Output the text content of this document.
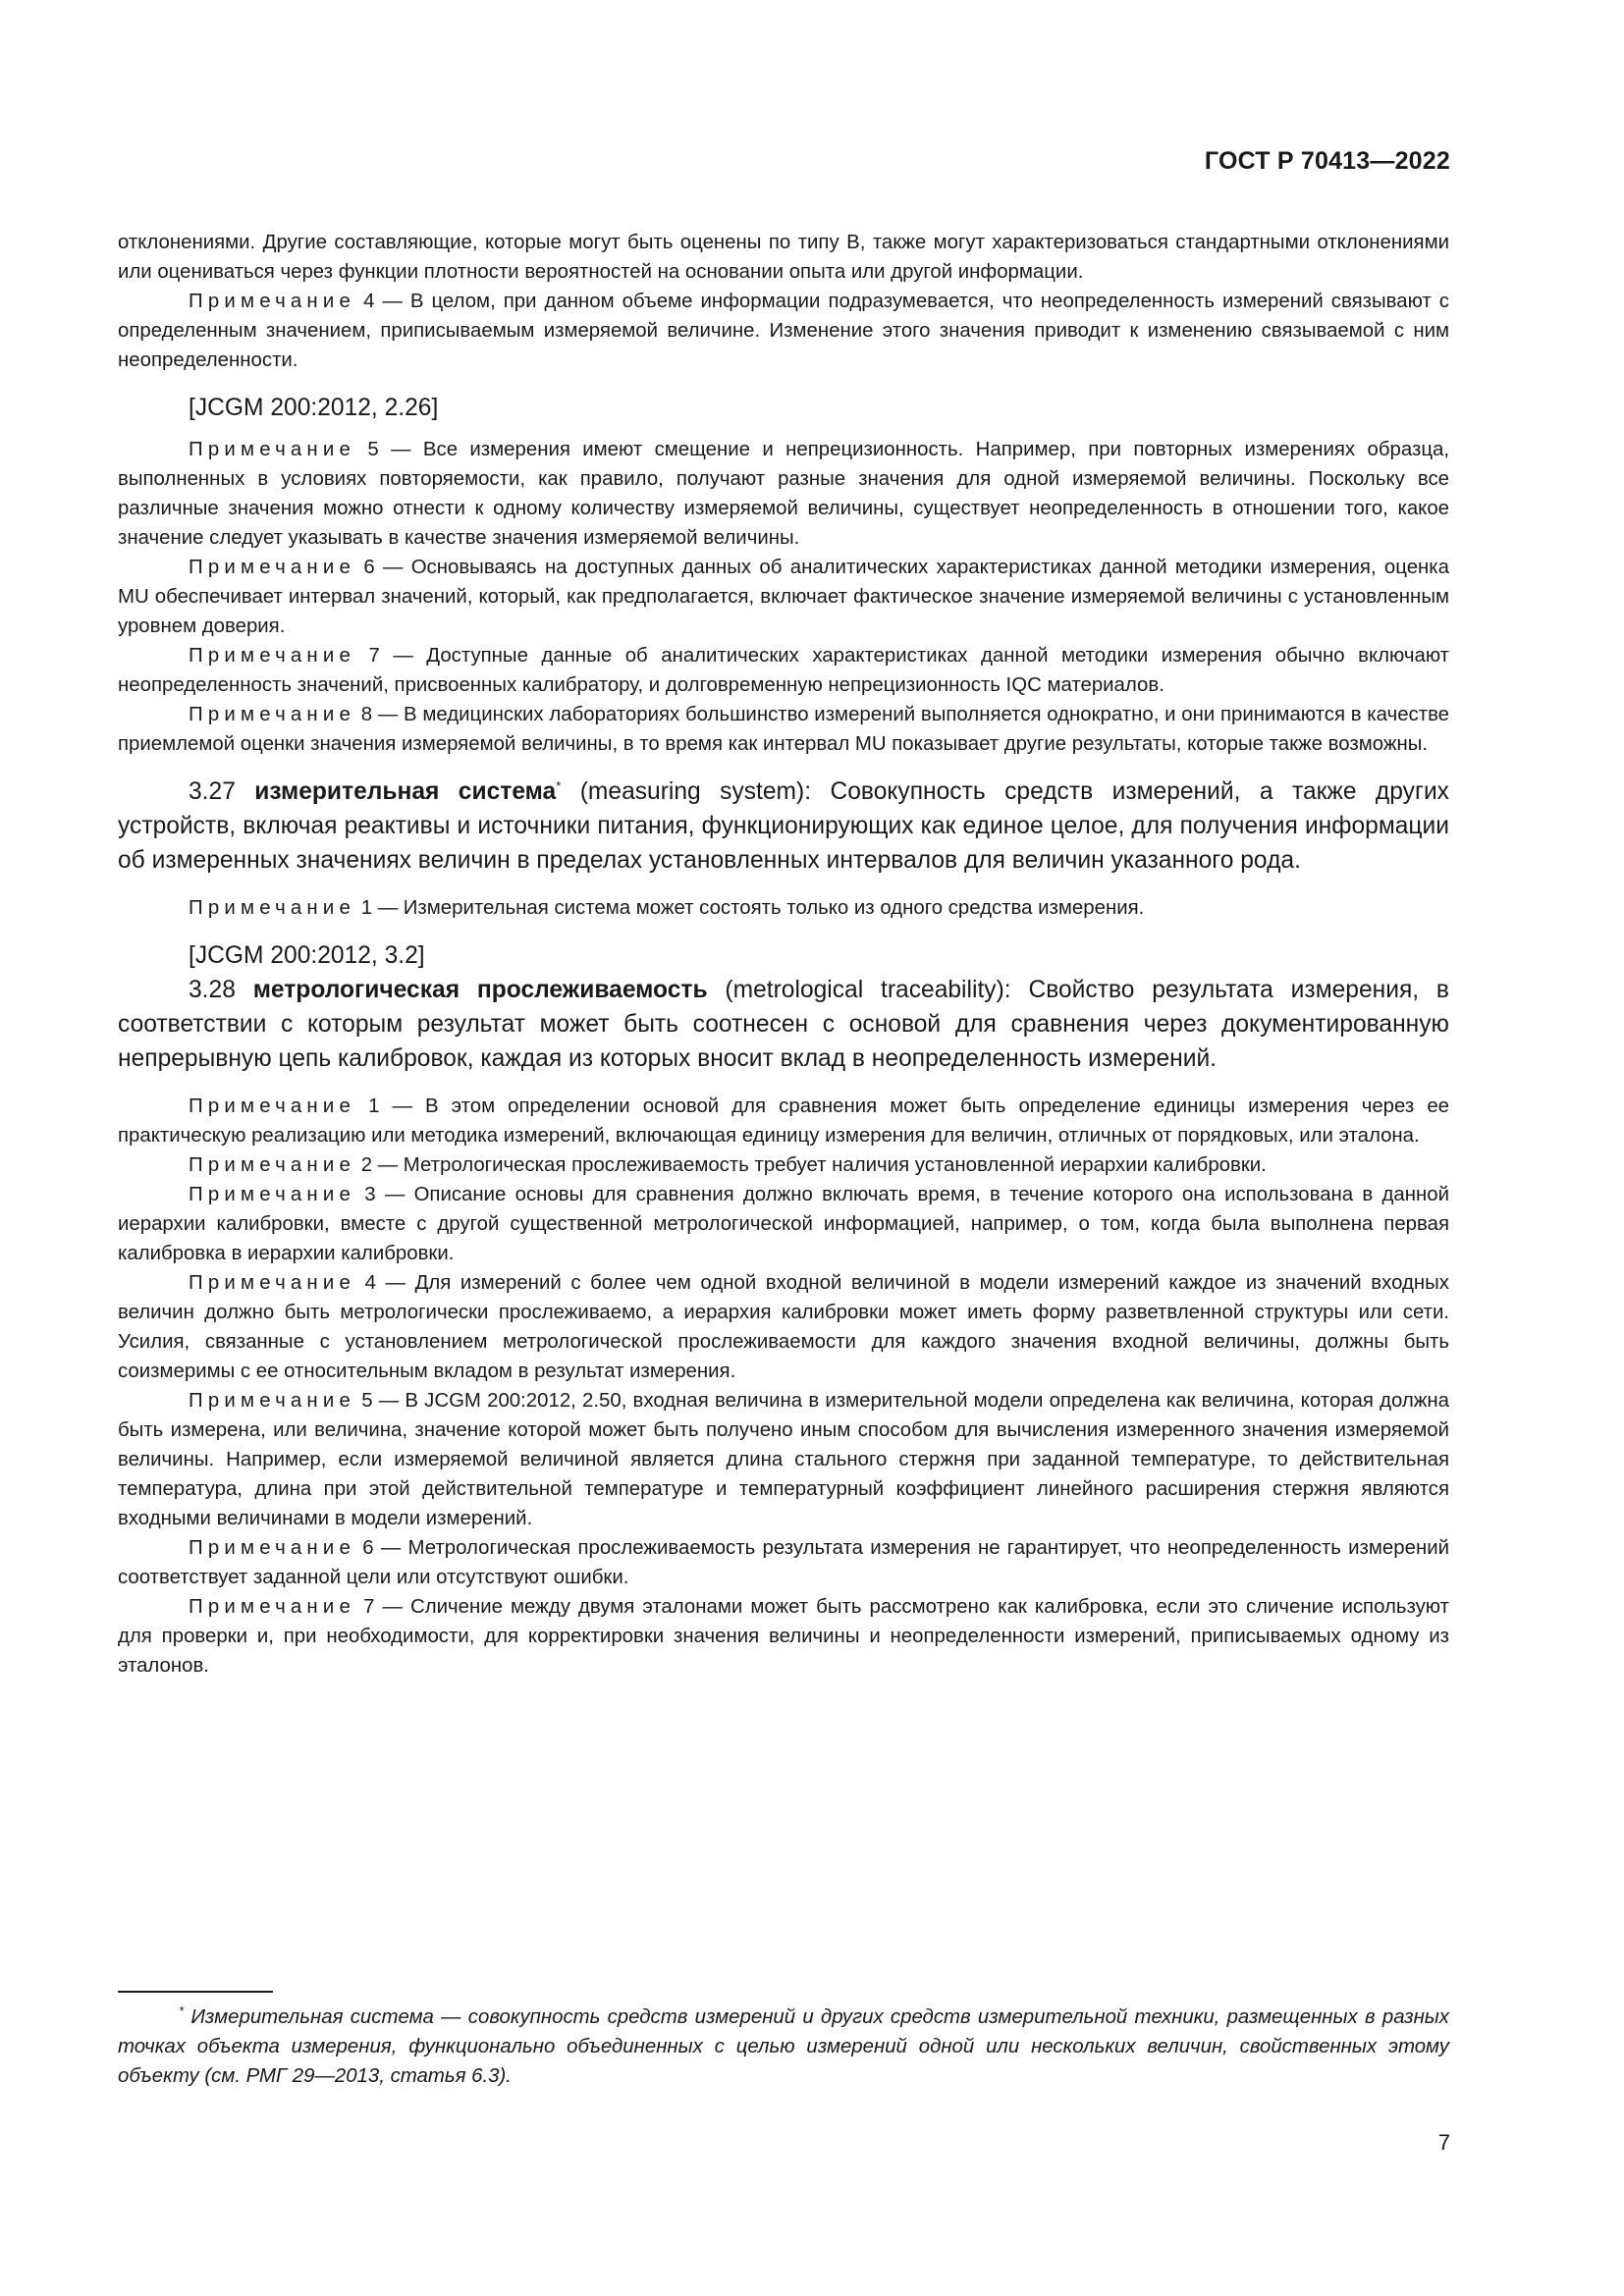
ГОСТ Р 70413—2022

отклонениями. Другие составляющие, которые могут быть оценены по типу В, также могут характеризоваться стандартными отклонениями или оцениваться через функции плотности вероятностей на основании опыта или другой информации.

Примечание 4 — В целом, при данном объеме информации подразумевается, что неопределенность измерений связывают с определенным значением, приписываемым измеряемой величине. Изменение этого значения приводит к изменению связываемой с ним неопределенности.

[JCGM 200:2012, 2.26]

Примечание 5 — Все измерения имеют смещение и непрецизионность. Например, при повторных измерениях образца, выполненных в условиях повторяемости, как правило, получают разные значения для одной измеряемой величины. Поскольку все различные значения можно отнести к одному количеству измеряемой величины, существует неопределенность в отношении того, какое значение следует указывать в качестве значения измеряемой величины.

Примечание 6 — Основываясь на доступных данных об аналитических характеристиках данной методики измерения, оценка MU обеспечивает интервал значений, который, как предполагается, включает фактическое значение измеряемой величины с установленным уровнем доверия.

Примечание 7 — Доступные данные об аналитических характеристиках данной методики измерения обычно включают неопределенность значений, присвоенных калибратору, и долговременную непрецизионность IQC материалов.

Примечание 8 — В медицинских лабораториях большинство измерений выполняется однократно, и они принимаются в качестве приемлемой оценки значения измеряемой величины, в то время как интервал MU показывает другие результаты, которые также возможны.

3.27 измерительная система* (measuring system): Совокупность средств измерений, а также других устройств, включая реактивы и источники питания, функционирующих как единое целое, для получения информации об измеренных значениях величин в пределах установленных интервалов для величин указанного рода.

Примечание 1 — Измерительная система может состоять только из одного средства измерения.

[JCGM 200:2012, 3.2]

3.28 метрологическая прослеживаемость (metrological traceability): Свойство результата измерения, в соответствии с которым результат может быть соотнесен с основой для сравнения через документированную непрерывную цепь калибровок, каждая из которых вносит вклад в неопределенность измерений.

Примечание 1 — В этом определении основой для сравнения может быть определение единицы измерения через ее практическую реализацию или методика измерений, включающая единицу измерения для величин, отличных от порядковых, или эталона.

Примечание 2 — Метрологическая прослеживаемость требует наличия установленной иерархии калибровки.

Примечание 3 — Описание основы для сравнения должно включать время, в течение которого она использована в данной иерархии калибровки, вместе с другой существенной метрологической информацией, например, о том, когда была выполнена первая калибровка в иерархии калибровки.

Примечание 4 — Для измерений с более чем одной входной величиной в модели измерений каждое из значений входных величин должно быть метрологически прослеживаемо, а иерархия калибровки может иметь форму разветвленной структуры или сети. Усилия, связанные с установлением метрологической прослеживаемости для каждого значения входной величины, должны быть соизмеримы с ее относительным вкладом в результат измерения.

Примечание 5 — В JCGM 200:2012, 2.50, входная величина в измерительной модели определена как величина, которая должна быть измерена, или величина, значение которой может быть получено иным способом для вычисления измеренного значения измеряемой величины. Например, если измеряемой величиной является длина стального стержня при заданной температуре, то действительная температура, длина при этой действительной температуре и температурный коэффициент линейного расширения стержня являются входными величинами в модели измерений.

Примечание 6 — Метрологическая прослеживаемость результата измерения не гарантирует, что неопределенность измерений соответствует заданной цели или отсутствуют ошибки.

Примечание 7 — Сличение между двумя эталонами может быть рассмотрено как калибровка, если это сличение используют для проверки и, при необходимости, для корректировки значения величины и неопределенности измерений, приписываемых одному из эталонов.

* Измерительная система — совокупность средств измерений и других средств измерительной техники, размещенных в разных точках объекта измерения, функционально объединенных с целью измерений одной или нескольких величин, свойственных этому объекту (см. РМГ 29—2013, статья 6.3).

7
